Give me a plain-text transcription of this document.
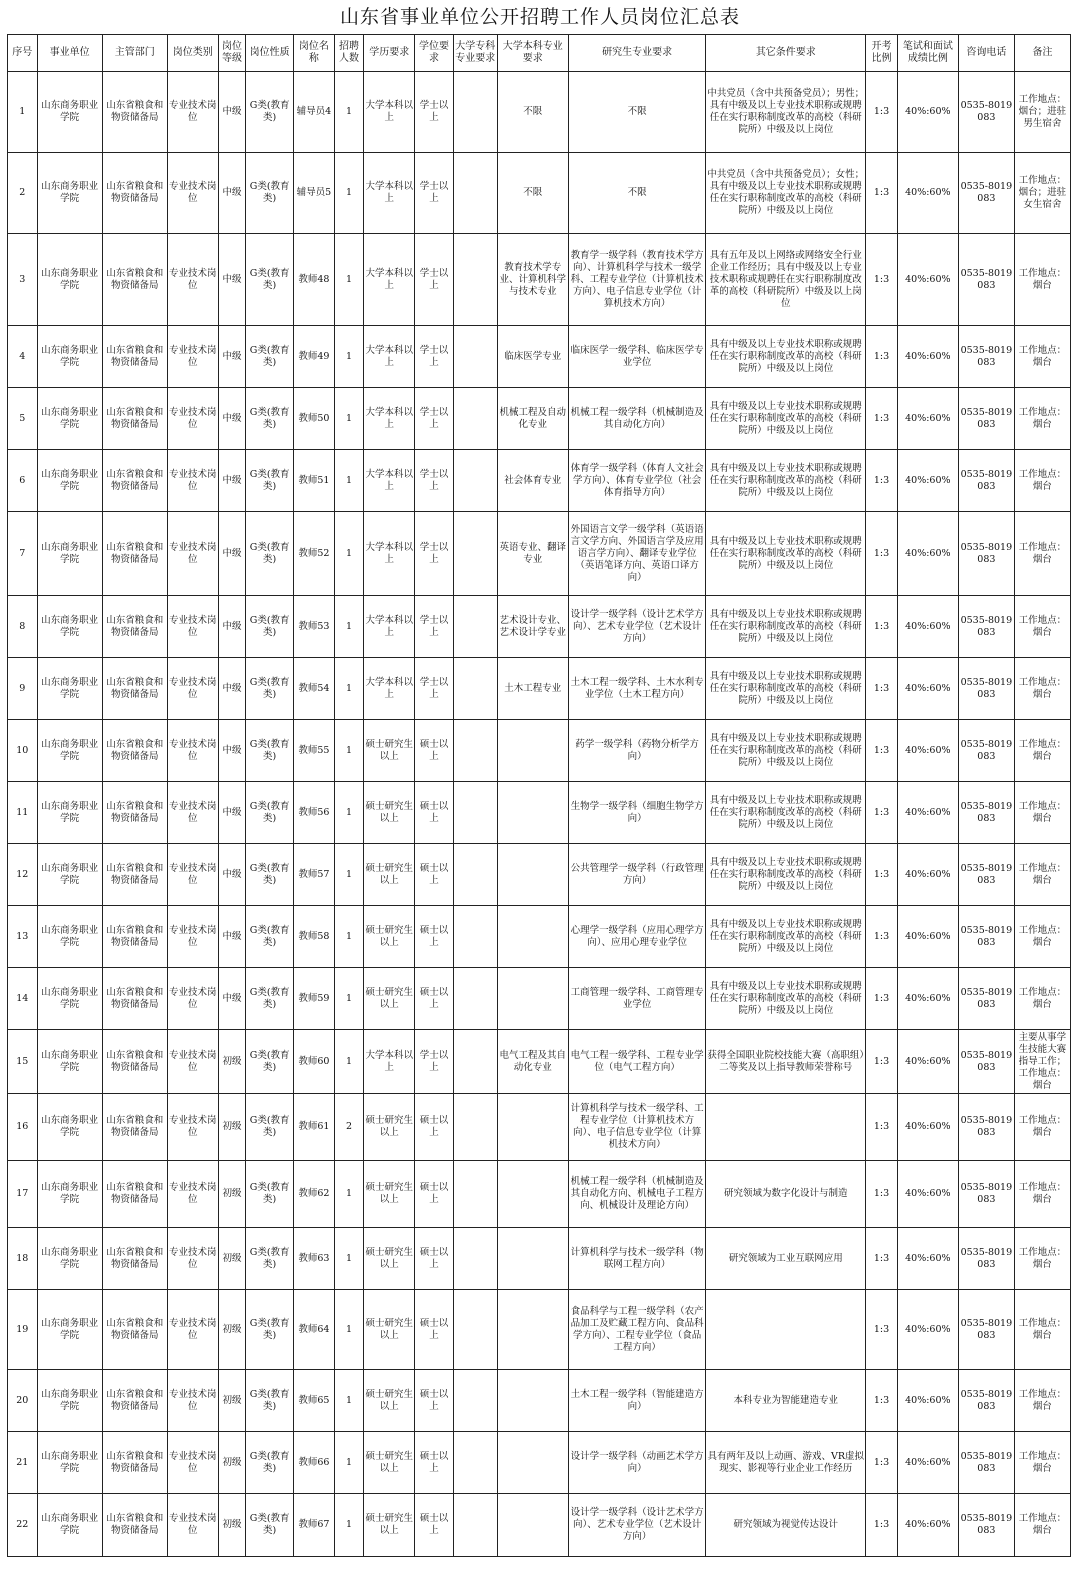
山东省事业单位公开招聘工作人员岗位汇总表
序号	事业单位	主管部门	岗位类别	岗位等级	岗位性质	岗位名称	招聘人数	学历要求	学位要求	大学专科专业要求	大学本科专业要求	研究生专业要求	其它条件要求	开考比例	笔试和面试成绩比例	咨询电话	备注
1	山东商务职业学院	山东省粮食和物资储备局	专业技术岗位	中级	G类(教育类)	辅导员4	1	大学本科以上	学士以上		不限	不限	中共党员（含中共预备党员）；男性；具有中级及以上专业技术职称或规聘任在实行职称制度改革的高校（科研院所）中级及以上岗位	1:3	40%:60%	0535-8019083	工作地点：烟台；进驻男生宿舍
2	山东商务职业学院	山东省粮食和物资储备局	专业技术岗位	中级	G类(教育类)	辅导员5	1	大学本科以上	学士以上		不限	不限	中共党员（含中共预备党员）；女性；具有中级及以上专业技术职称或规聘任在实行职称制度改革的高校（科研院所）中级及以上岗位	1:3	40%:60%	0535-8019083	工作地点：烟台；进驻女生宿舍
3	山东商务职业学院	山东省粮食和物资储备局	专业技术岗位	中级	G类(教育类)	教师48	1	大学本科以上	学士以上		教育技术学专业、计算机科学与技术专业	教育学一级学科（教育技术学方向）、计算机科学与技术一级学科、工程专业学位（计算机技术方向）、电子信息专业学位（计算机技术方向）	具有五年及以上网络或网络安全行业企业工作经历；具有中级及以上专业技术职称或规聘任在实行职称制度改革的高校（科研院所）中级及以上岗位	1:3	40%:60%	0535-8019083	工作地点：烟台
4	山东商务职业学院	山东省粮食和物资储备局	专业技术岗位	中级	G类(教育类)	教师49	1	大学本科以上	学士以上		临床医学专业	临床医学一级学科、临床医学专业学位	具有中级及以上专业技术职称或规聘任在实行职称制度改革的高校（科研院所）中级及以上岗位	1:3	40%:60%	0535-8019083	工作地点：烟台
5	山东商务职业学院	山东省粮食和物资储备局	专业技术岗位	中级	G类(教育类)	教师50	1	大学本科以上	学士以上		机械工程及自动化专业	机械工程一级学科（机械制造及其自动化方向）	具有中级及以上专业技术职称或规聘任在实行职称制度改革的高校（科研院所）中级及以上岗位	1:3	40%:60%	0535-8019083	工作地点：烟台
6	山东商务职业学院	山东省粮食和物资储备局	专业技术岗位	中级	G类(教育类)	教师51	1	大学本科以上	学士以上		社会体育专业	体育学一级学科（体育人文社会学方向）、体育专业学位（社会体育指导方向）	具有中级及以上专业技术职称或规聘任在实行职称制度改革的高校（科研院所）中级及以上岗位	1:3	40%:60%	0535-8019083	工作地点：烟台
7	山东商务职业学院	山东省粮食和物资储备局	专业技术岗位	中级	G类(教育类)	教师52	1	大学本科以上	学士以上		英语专业、翻译专业	外国语言文学一级学科（英语语言文学方向、外国语言学及应用语言学方向）、翻译专业学位（英语笔译方向、英语口译方向）	具有中级及以上专业技术职称或规聘任在实行职称制度改革的高校（科研院所）中级及以上岗位	1:3	40%:60%	0535-8019083	工作地点：烟台
8	山东商务职业学院	山东省粮食和物资储备局	专业技术岗位	中级	G类(教育类)	教师53	1	大学本科以上	学士以上		艺术设计专业、艺术设计学专业	设计学一级学科（设计艺术学方向）、艺术专业学位（艺术设计方向）	具有中级及以上专业技术职称或规聘任在实行职称制度改革的高校（科研院所）中级及以上岗位	1:3	40%:60%	0535-8019083	工作地点：烟台
9	山东商务职业学院	山东省粮食和物资储备局	专业技术岗位	中级	G类(教育类)	教师54	1	大学本科以上	学士以上		土木工程专业	土木工程一级学科、土木水利专业学位（土木工程方向）	具有中级及以上专业技术职称或规聘任在实行职称制度改革的高校（科研院所）中级及以上岗位	1:3	40%:60%	0535-8019083	工作地点：烟台
10	山东商务职业学院	山东省粮食和物资储备局	专业技术岗位	中级	G类(教育类)	教师55	1	硕士研究生以上	硕士以上			药学一级学科（药物分析学方向）	具有中级及以上专业技术职称或规聘任在实行职称制度改革的高校（科研院所）中级及以上岗位	1:3	40%:60%	0535-8019083	工作地点：烟台
11	山东商务职业学院	山东省粮食和物资储备局	专业技术岗位	中级	G类(教育类)	教师56	1	硕士研究生以上	硕士以上			生物学一级学科（细胞生物学方向）	具有中级及以上专业技术职称或规聘任在实行职称制度改革的高校（科研院所）中级及以上岗位	1:3	40%:60%	0535-8019083	工作地点：烟台
12	山东商务职业学院	山东省粮食和物资储备局	专业技术岗位	中级	G类(教育类)	教师57	1	硕士研究生以上	硕士以上			公共管理学一级学科（行政管理方向）	具有中级及以上专业技术职称或规聘任在实行职称制度改革的高校（科研院所）中级及以上岗位	1:3	40%:60%	0535-8019083	工作地点：烟台
13	山东商务职业学院	山东省粮食和物资储备局	专业技术岗位	中级	G类(教育类)	教师58	1	硕士研究生以上	硕士以上			心理学一级学科（应用心理学方向）、应用心理专业学位	具有中级及以上专业技术职称或规聘任在实行职称制度改革的高校（科研院所）中级及以上岗位	1:3	40%:60%	0535-8019083	工作地点：烟台
14	山东商务职业学院	山东省粮食和物资储备局	专业技术岗位	中级	G类(教育类)	教师59	1	硕士研究生以上	硕士以上			工商管理一级学科、工商管理专业学位	具有中级及以上专业技术职称或规聘任在实行职称制度改革的高校（科研院所）中级及以上岗位	1:3	40%:60%	0535-8019083	工作地点：烟台
15	山东商务职业学院	山东省粮食和物资储备局	专业技术岗位	初级	G类(教育类)	教师60	1	大学本科以上	学士以上		电气工程及其自动化专业	电气工程一级学科、工程专业学位（电气工程方向）	获得全国职业院校技能大赛（高职组）二等奖及以上指导教师荣誉称号	1:3	40%:60%	0535-8019083	主要从事学生技能大赛指导工作；工作地点：烟台
16	山东商务职业学院	山东省粮食和物资储备局	专业技术岗位	初级	G类(教育类)	教师61	2	硕士研究生以上	硕士以上			计算机科学与技术一级学科、工程专业学位（计算机技术方向）、电子信息专业学位（计算机技术方向）		1:3	40%:60%	0535-8019083	工作地点：烟台
17	山东商务职业学院	山东省粮食和物资储备局	专业技术岗位	初级	G类(教育类)	教师62	1	硕士研究生以上	硕士以上			机械工程一级学科（机械制造及其自动化方向、机械电子工程方向、机械设计及理论方向）	研究领域为数字化设计与制造	1:3	40%:60%	0535-8019083	工作地点：烟台
18	山东商务职业学院	山东省粮食和物资储备局	专业技术岗位	初级	G类(教育类)	教师63	1	硕士研究生以上	硕士以上			计算机科学与技术一级学科（物联网工程方向）	研究领域为工业互联网应用	1:3	40%:60%	0535-8019083	工作地点：烟台
19	山东商务职业学院	山东省粮食和物资储备局	专业技术岗位	初级	G类(教育类)	教师64	1	硕士研究生以上	硕士以上			食品科学与工程一级学科（农产品加工及贮藏工程方向、食品科学方向）、工程专业学位（食品工程方向）		1:3	40%:60%	0535-8019083	工作地点：烟台
20	山东商务职业学院	山东省粮食和物资储备局	专业技术岗位	初级	G类(教育类)	教师65	1	硕士研究生以上	硕士以上			土木工程一级学科（智能建造方向）	本科专业为智能建造专业	1:3	40%:60%	0535-8019083	工作地点：烟台
21	山东商务职业学院	山东省粮食和物资储备局	专业技术岗位	初级	G类(教育类)	教师66	1	硕士研究生以上	硕士以上			设计学一级学科（动画艺术学方向）	具有两年及以上动画、游戏、VR虚拟现实、影视等行业企业工作经历	1:3	40%:60%	0535-8019083	工作地点：烟台
22	山东商务职业学院	山东省粮食和物资储备局	专业技术岗位	初级	G类(教育类)	教师67	1	硕士研究生以上	硕士以上			设计学一级学科（设计艺术学方向）、艺术专业学位（艺术设计方向）	研究领域为视觉传达设计	1:3	40%:60%	0535-8019083	工作地点：烟台
